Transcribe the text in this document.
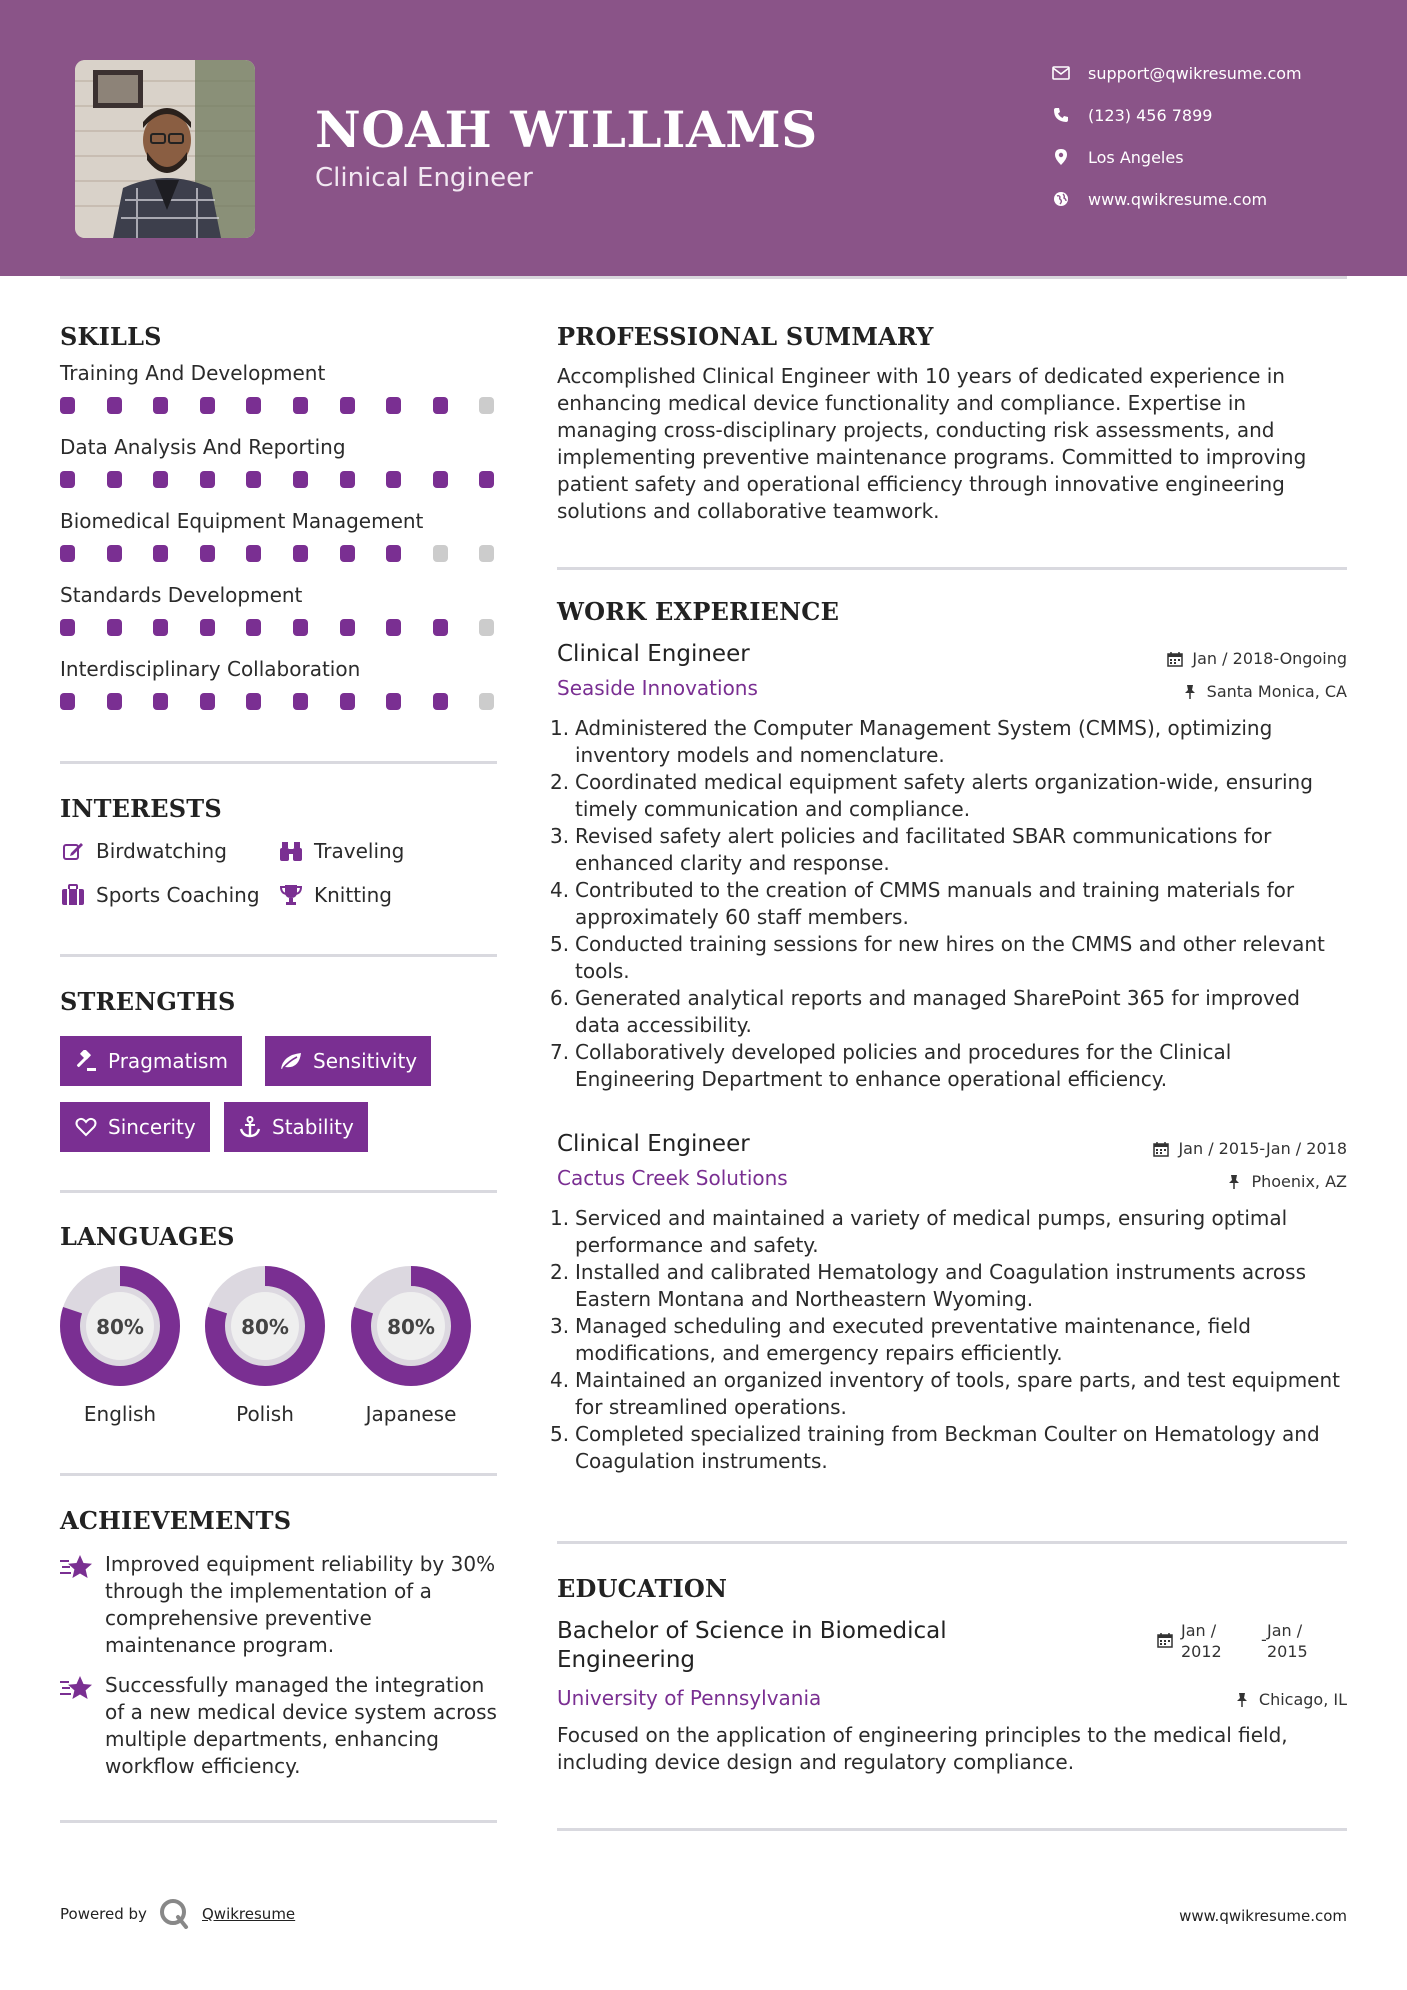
NOAH WILLIAMS
Clinical Engineer
support@qwikresume.com
(123) 456 7899
Los Angeles
www.qwikresume.com
SKILLS
Training And Development
Data Analysis And Reporting
Biomedical Equipment Management
Standards Development
Interdisciplinary Collaboration
INTERESTS
Birdwatching	Traveling
Sports Coaching	Knitting
STRENGTHS
Pragmatism	Sensitivity
Sincerity	Stability
LANGUAGES
80%
English
80%
Polish
80%
Japanese
ACHIEVEMENTS
Improved equipment reliability by 30% through the implementation of a comprehensive preventive maintenance program.
Successfully managed the integration of a new medical device system across multiple departments, enhancing workflow efficiency.
PROFESSIONAL SUMMARY
Accomplished Clinical Engineer with 10 years of dedicated experience in enhancing medical device functionality and compliance. Expertise in managing cross-disciplinary projects, conducting risk assessments, and implementing preventive maintenance programs. Committed to improving patient safety and operational efficiency through innovative engineering solutions and collaborative teamwork.
WORK EXPERIENCE
Clinical Engineer
Seaside Innovations
Jan / 2018-Ongoing
Santa Monica, CA
1. Administered the Computer Management System (CMMS), optimizing inventory models and nomenclature.
2. Coordinated medical equipment safety alerts organization-wide, ensuring timely communication and compliance.
3. Revised safety alert policies and facilitated SBAR communications for enhanced clarity and response.
4. Contributed to the creation of CMMS manuals and training materials for approximately 60 staff members.
5. Conducted training sessions for new hires on the CMMS and other relevant tools.
6. Generated analytical reports and managed SharePoint 365 for improved data accessibility.
7. Collaboratively developed policies and procedures for the Clinical Engineering Department to enhance operational efficiency.
Clinical Engineer
Cactus Creek Solutions
Jan / 2015-Jan / 2018
Phoenix, AZ
1. Serviced and maintained a variety of medical pumps, ensuring optimal performance and safety.
2. Installed and calibrated Hematology and Coagulation instruments across Eastern Montana and Northeastern Wyoming.
3. Managed scheduling and executed preventative maintenance, field modifications, and emergency repairs efficiently.
4. Maintained an organized inventory of tools, spare parts, and test equipment for streamlined operations.
5. Completed specialized training from Beckman Coulter on Hematology and Coagulation instruments.
EDUCATION
Bachelor of Science in Biomedical
Engineering
University of Pennsylvania
Jan /
2012
- Jan /
2015
Chicago, IL
Focused on the application of engineering principles to the medical field, including device design and regulatory compliance.
Powered by	Qwikresume	www.qwikresume.com
